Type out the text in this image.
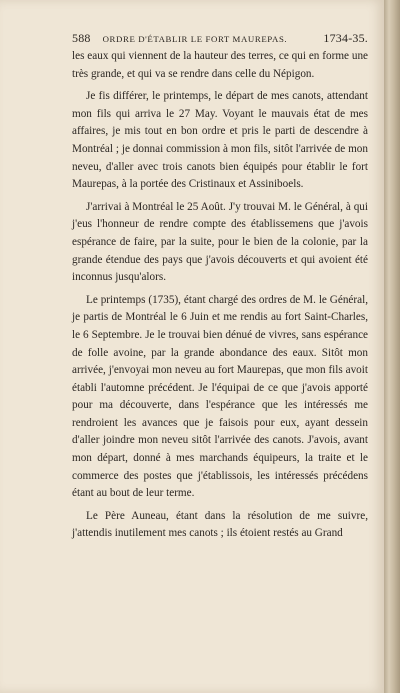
588 ORDRE D'ÉTABLIR LE FORT MAUREPAS.	1734-35.

les eaux qui viennent de la hauteur des terres, ce qui en forme une très grande, et qui va se rendre dans celle du Népigon.

Je fis différer, le printemps, le départ de mes canots, attendant mon fils qui arriva le 27 May. Voyant le mauvais état de mes affaires, je mis tout en bon ordre et pris le parti de descendre à Montréal ; je donnai commission à mon fils, sitôt l'arrivée de mon neveu, d'aller avec trois canots bien équipés pour établir le fort Maurepas, à la portée des Cristinaux et Assiniboels.

J'arrivai à Montréal le 25 Août. J'y trouvai M. le Général, à qui j'eus l'honneur de rendre compte des établissemens que j'avois espérance de faire, par la suite, pour le bien de la colonie, par la grande étendue des pays que j'avois découverts et qui avoient été inconnus jusqu'alors.

Le printemps (1735), étant chargé des ordres de M. le Général, je partis de Montréal le 6 Juin et me rendis au fort Saint-Charles, le 6 Septembre. Je le trouvai bien dénué de vivres, sans espérance de folle avoine, par la grande abondance des eaux. Sitôt mon arrivée, j'envoyai mon neveu au fort Maurepas, que mon fils avoit établi l'automne précédent. Je l'équipai de ce que j'avois apporté pour ma découverte, dans l'espérance que les intéressés me rendroient les avances que je faisois pour eux, ayant dessein d'aller joindre mon neveu sitôt l'arrivée des canots. J'avois, avant mon départ, donné à mes marchands équipeurs, la traite et le commerce des postes que j'établissois, les intéressés précédens étant au bout de leur terme.

Le Père Auneau, étant dans la résolution de me suivre, j'attendis inutilement mes canots ; ils étoient restés au Grand
